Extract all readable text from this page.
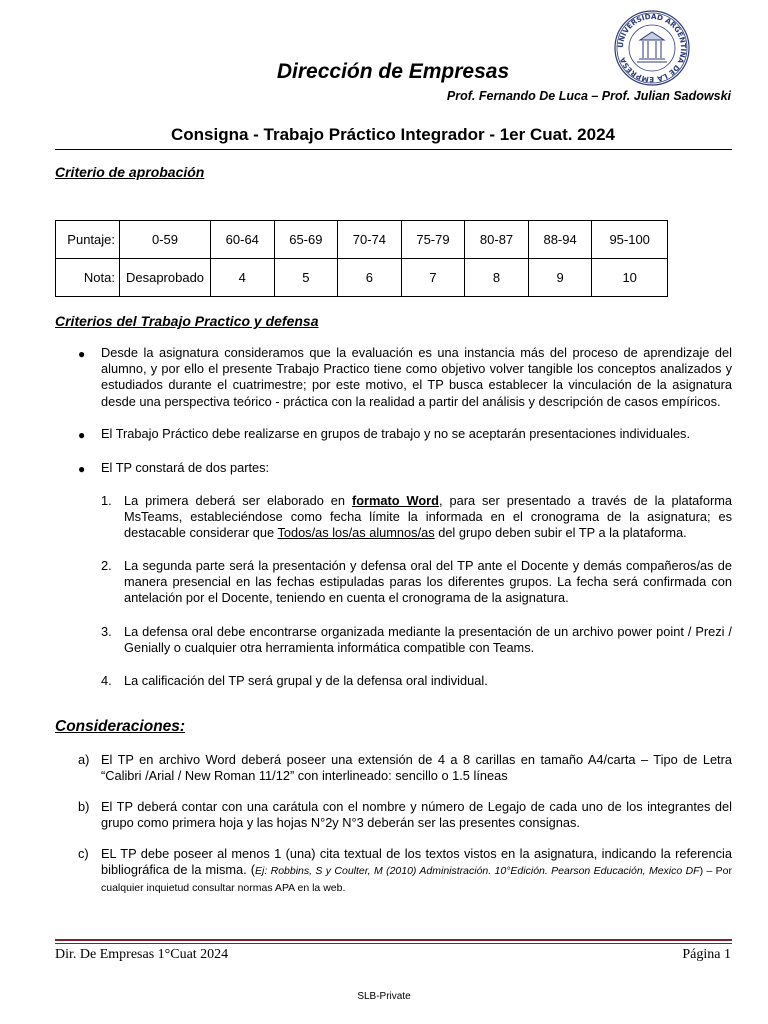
UNIVERSIDAD ARGENTINA DE LA EMPRESA
Dirección de Empresas
Prof. Fernando De Luca – Prof. Julian Sadowski
Consigna - Trabajo Práctico Integrador - 1er Cuat. 2024
Criterio de aprobación
Puntaje:	0-59	60-64	65-69	70-74	75-79	80-87	88-94	95-100
Nota:	Desaprobado	4	5	6	7	8	9	10
Criterios del Trabajo Practico y defensa
● Desde la asignatura consideramos que la evaluación es una instancia más del proceso de aprendizaje del alumno, y por ello el presente Trabajo Practico tiene como objetivo volver tangible los conceptos analizados y estudiados durante el cuatrimestre; por este motivo, el TP busca establecer la vinculación de la asignatura desde una perspectiva teórico - práctica con la realidad a partir del análisis y descripción de casos empíricos.
● El Trabajo Práctico debe realizarse en grupos de trabajo y no se aceptarán presentaciones individuales.
● El TP constará de dos partes:
1. La primera deberá ser elaborado en formato Word, para ser presentado a través de la plataforma MsTeams, estableciéndose como fecha límite la informada en el cronograma de la asignatura; es destacable considerar que Todos/as los/as alumnos/as del grupo deben subir el TP a la plataforma.
2. La segunda parte será la presentación y defensa oral del TP ante el Docente y demás compañeros/as de manera presencial en las fechas estipuladas paras los diferentes grupos. La fecha será confirmada con antelación por el Docente, teniendo en cuenta el cronograma de la asignatura.
3. La defensa oral debe encontrarse organizada mediante la presentación de un archivo power point / Prezi / Genially o cualquier otra herramienta informática compatible con Teams.
4. La calificación del TP será grupal y de la defensa oral individual.
Consideraciones:
a) El TP en archivo Word deberá poseer una extensión de 4 a 8 carillas en tamaño A4/carta – Tipo de Letra “Calibri /Arial / New Roman 11/12” con interlineado: sencillo o 1.5 líneas
b) El TP deberá contar con una carátula con el nombre y número de Legajo de cada uno de los integrantes del grupo como primera hoja y las hojas N°2y N°3 deberán ser las presentes consignas.
c) EL TP debe poseer al menos 1 (una) cita textual de los textos vistos en la asignatura, indicando la referencia bibliográfica de la misma. (Ej: Robbins, S y Coulter, M (2010) Administración. 10°Edición. Pearson Educación, Mexico DF) – Por cualquier inquietud consultar normas APA en la web.
Dir. De Empresas 1°Cuat 2024	Página 1
SLB-Private
